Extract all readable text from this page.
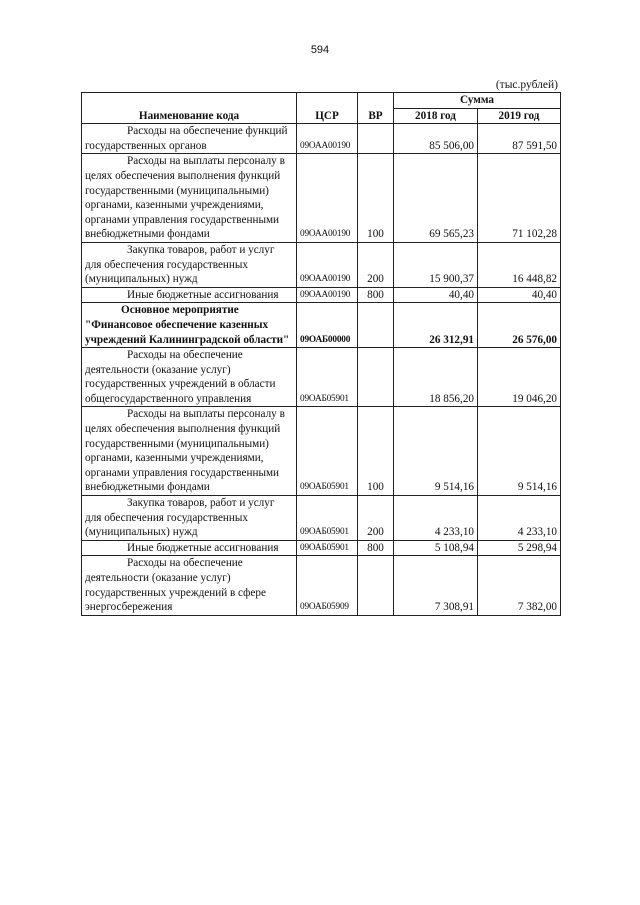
594
(тыс.рублей)
Наименование кода	ЦСР	ВР	Сумма	
			2018 год	2019 год

Расходы на обеспечение функций государственных органов	09ОАА00190		85 506,00	87 591,50

Расходы на выплаты персоналу в целях обеспечения выполнения функций государственными (муниципальными) органами, казенными учреждениями, органами управления государственными внебюджетными фондами	09ОАА00190	100	69 565,23	71 102,28

Закупка товаров, работ и услуг для обеспечения государственных (муниципальных) нужд	09ОАА00190	200	15 900,37	16 448,82

Иные бюджетные ассигнования	09ОАА00190	800	40,40	40,40

Основное мероприятие "Финансовое обеспечение казенных учреждений Калининградской области"	09ОАБ00000		26 312,91	26 576,00

Расходы на обеспечение деятельности (оказание услуг) государственных учреждений в области общегосударственного управления	09ОАБ05901		18 856,20	19 046,20

Расходы на выплаты персоналу в целях обеспечения выполнения функций государственными (муниципальными) органами, казенными учреждениями, органами управления государственными внебюджетными фондами	09ОАБ05901	100	9 514,16	9 514,16

Закупка товаров, работ и услуг для обеспечения государственных (муниципальных) нужд	09ОАБ05901	200	4 233,10	4 233,10

Иные бюджетные ассигнования	09ОАБ05901	800	5 108,94	5 298,94

Расходы на обеспечение деятельности (оказание услуг) государственных учреждений в сфере энергосбережения	09ОАБ05909		7 308,91	7 382,00
